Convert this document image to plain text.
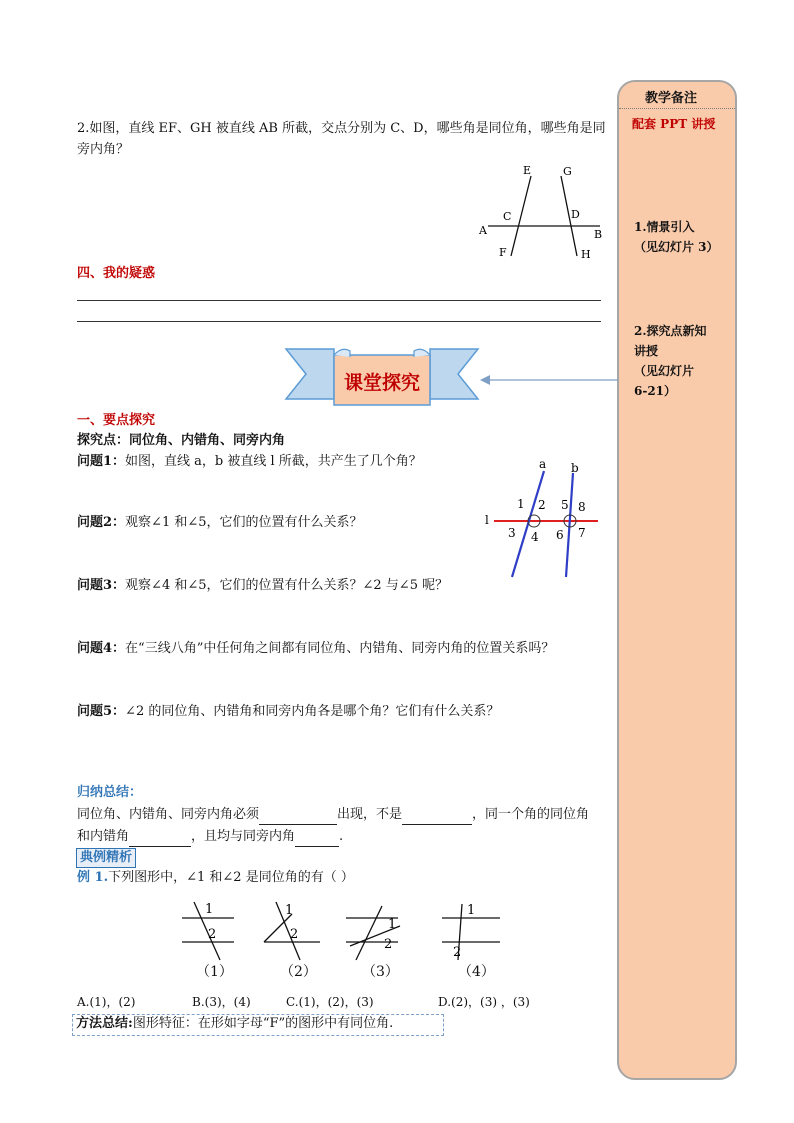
教学备注
配套 PPT 讲授
1.情景引入
（见幻灯片 3）
2.探究点新知
讲授
（见幻灯片
6-21）
2.如图，直线 EF、GH 被直线 AB 所截，交点分别为 C、D，哪些角是同位角，哪些角是同
旁内角？
E	G
C	D
A	B
F	H
四、我的疑惑
课堂探究
一、要点探究
探究点：同位角、内错角、同旁内角
问题1：如图，直线 a，b 被直线 l 所截，共产生了几个角？
问题2：观察∠1 和∠5，它们的位置有什么关系？
问题3：观察∠4 和∠5，它们的位置有什么关系？∠2 与∠5 呢？
问题4：在“三线八角”中任何角之间都有同位角、内错角、同旁内角的位置关系吗？
问题5：∠2 的同位角、内错角和同旁内角各是哪个角？它们有什么关系？
a b
l
1 2
3 4
5 8
6 7
归纳总结：
同位角、内错角、同旁内角必须	出现，不是	，同一个角的同位角
和内错角	，且均与同旁内角	.
典例精析
例 1.下列图形中，∠1 和∠2 是同位角的有（ ）
1
2
1
2
1
2
1
2
（1）	（2）	（3）	（4）
A.(1)，(2)	B.(3)，(4)	C.(1)，(2)，(3)	D.(2)，(3) ，(3)
方法总结:图形特征：在形如字母“F”的图形中有同位角.
